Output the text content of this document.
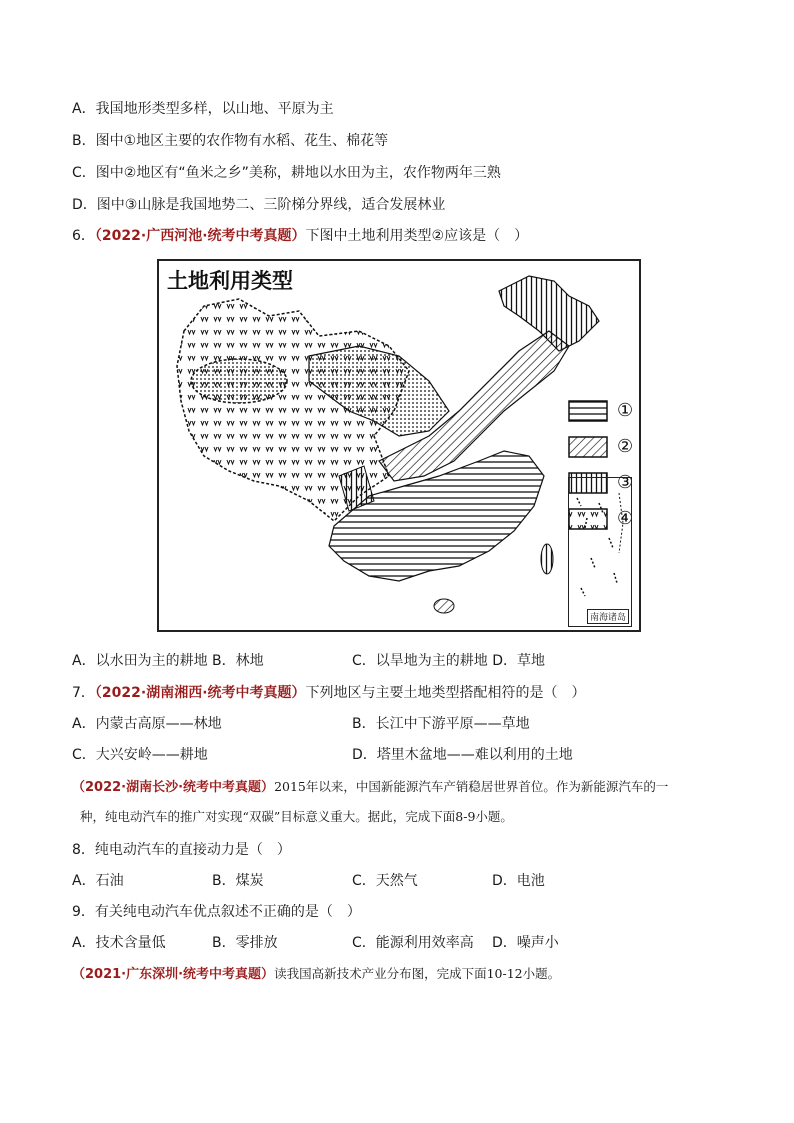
A．我国地形类型多样，以山地、平原为主
B．图中①地区主要的农作物有水稻、花生、棉花等
C．图中②地区有“鱼米之乡”美称，耕地以水田为主，农作物两年三熟
D．图中③山脉是我国地势二、三阶梯分界线，适合发展林业
6．（2022·广西河池·统考中考真题）下图中土地利用类型②应该是（　）
土地利用类型
①
②
③
④
南海诸岛
A．以水田为主的耕地 B．林地	C．以旱地为主的耕地 D．草地
7．（2022·湖南湘西·统考中考真题）下列地区与主要土地类型搭配相符的是（　）
A．内蒙古高原——林地	B．长江中下游平原——草地
C．大兴安岭——耕地	D．塔里木盆地——难以利用的土地
（2022·湖南长沙·统考中考真题）2015年以来，中国新能源汽车产销稳居世界首位。作为新能源汽车的一
种，纯电动汽车的推广对实现“双碳”目标意义重大。据此，完成下面8-9小题。
8．纯电动汽车的直接动力是（　）
A．石油	B．煤炭	C．天然气	D．电池
9．有关纯电动汽车优点叙述不正确的是（　）
A．技术含量低	B．零排放	C．能源利用效率高 D．噪声小
（2021·广东深圳·统考中考真题）读我国高新技术产业分布图，完成下面10-12小题。
